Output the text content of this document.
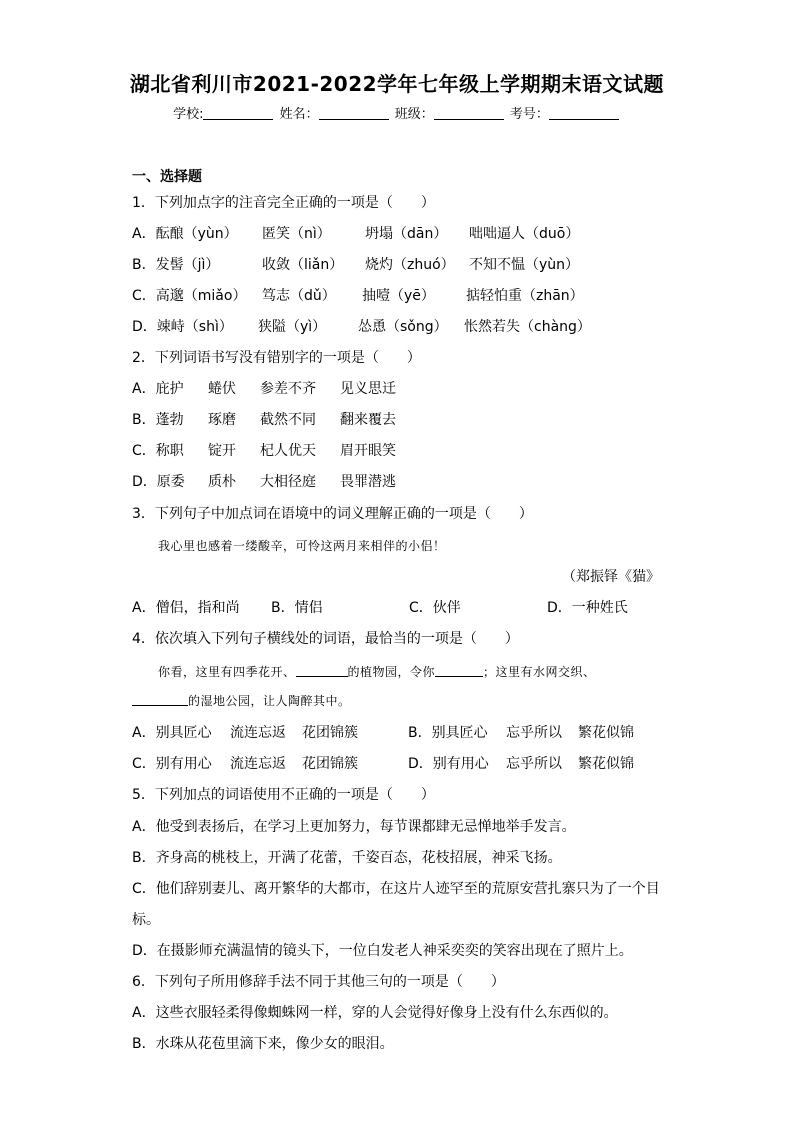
湖北省利川市2021-2022学年七年级上学期期末语文试题
学校:	姓名：	班级：	考号：
一、选择题
1．下列加点字的注音完全正确的一项是（　　）
A．酝酿（yùn） 匿笑（nì） 坍塌（dān） 咄咄逼人（duō）
B．发髻（jì）	收敛（liǎn） 烧灼（zhuó） 不知不愠（yùn）
C．高邈（miǎo） 笃志（dǔ） 抽噎（yē） 掂轻怕重（zhān）
D．竦峙（shì） 狭隘（yì） 怂恿（sǒng） 怅然若失（chàng）
2．下列词语书写没有错别字的一项是（　　）
A．庇护 蜷伏 参差不齐 见义思迁
B．蓬勃 琢磨 截然不同 翻来覆去
C．称职 锭开 杞人优天 眉开眼笑
D．原委 质朴 大相径庭 畏罪潜逃
3．下列句子中加点词在语境中的词义理解正确的一项是（　　）
我心里也感着一缕酸辛，可怜这两月来相伴的小侣！
（郑振铎《猫》
A．僧侣，指和尚 B．情侣	C．伙伴	D．一种姓氏
4．依次填入下列句子横线处的词语，最恰当的一项是（　　）
你看，这里有四季花开、	的植物园，令你	；这里有水网交织、
的湿地公园，让人陶醉其中。
A．别具匠心 流连忘返 花团锦簇	B．别具匠心 忘乎所以 繁花似锦
C．别有用心 流连忘返 花团锦簇	D．别有用心 忘乎所以 繁花似锦
5．下列加点的词语使用不正确的一项是（　　）
A．他受到表扬后，在学习上更加努力，每节课都肆无忌惮地举手发言。
B．齐身高的桃枝上，开满了花蕾，千姿百态，花枝招展，神采飞扬。
C．他们辞别妻儿、离开繁华的大都市，在这片人迹罕至的荒原安营扎寨只为了一个目
标。
D．在摄影师充满温情的镜头下，一位白发老人神采奕奕的笑容出现在了照片上。
6．下列句子所用修辞手法不同于其他三句的一项是（　　）
A．这些衣服轻柔得像蜘蛛网一样，穿的人会觉得好像身上没有什么东西似的。
B．水珠从花苞里滴下来，像少女的眼泪。
